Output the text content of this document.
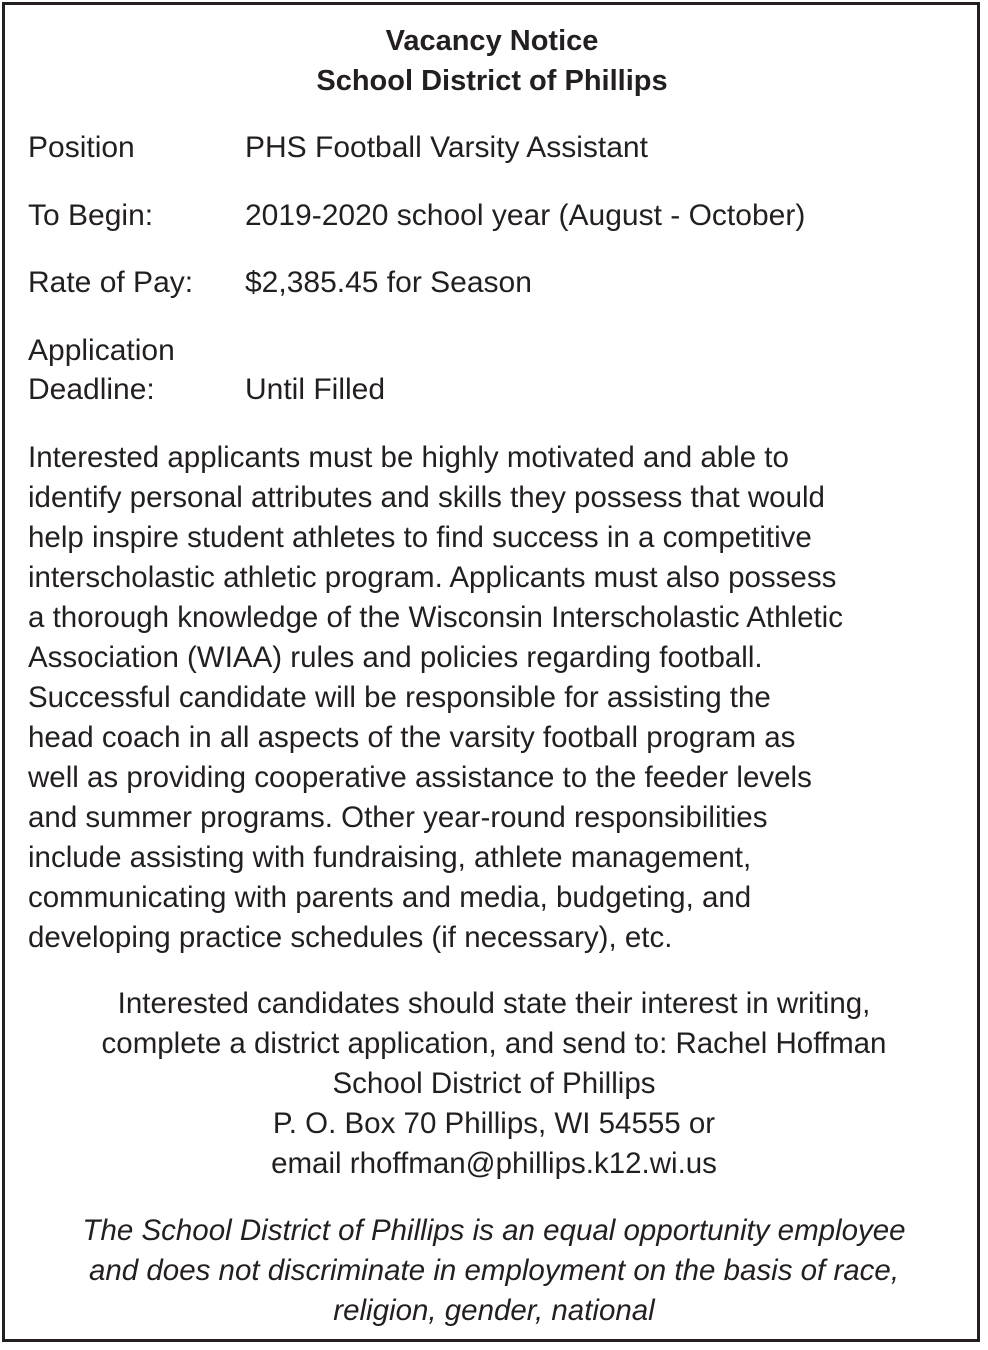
Vacancy Notice
School District of Phillips
Position	PHS Football Varsity Assistant
To Begin:	2019-2020 school year (August - October)
Rate of Pay: $2,385.45 for Season
Application
Deadline:	Until Filled
Interested applicants must be highly motivated and able to
identify personal attributes and skills they possess that would
help inspire student athletes to find success in a competitive
interscholastic athletic program. Applicants must also possess
a thorough knowledge of the Wisconsin Interscholastic Athletic
Association (WIAA) rules and policies regarding football.
Successful candidate will be responsible for assisting the
head coach in all aspects of the varsity football program as
well as providing cooperative assistance to the feeder levels
and summer programs. Other year-round responsibilities
include assisting with fundraising, athlete management,
communicating with parents and media, budgeting, and
developing practice schedules (if necessary), etc.
Interested candidates should state their interest in writing,
complete a district application, and send to: Rachel Hoffman
School District of Phillips
P. O. Box 70 Phillips, WI 54555 or
email rhoffman@phillips.k12.wi.us
The School District of Phillips is an equal opportunity employee
and does not discriminate in employment on the basis of race,
religion, gender, national
